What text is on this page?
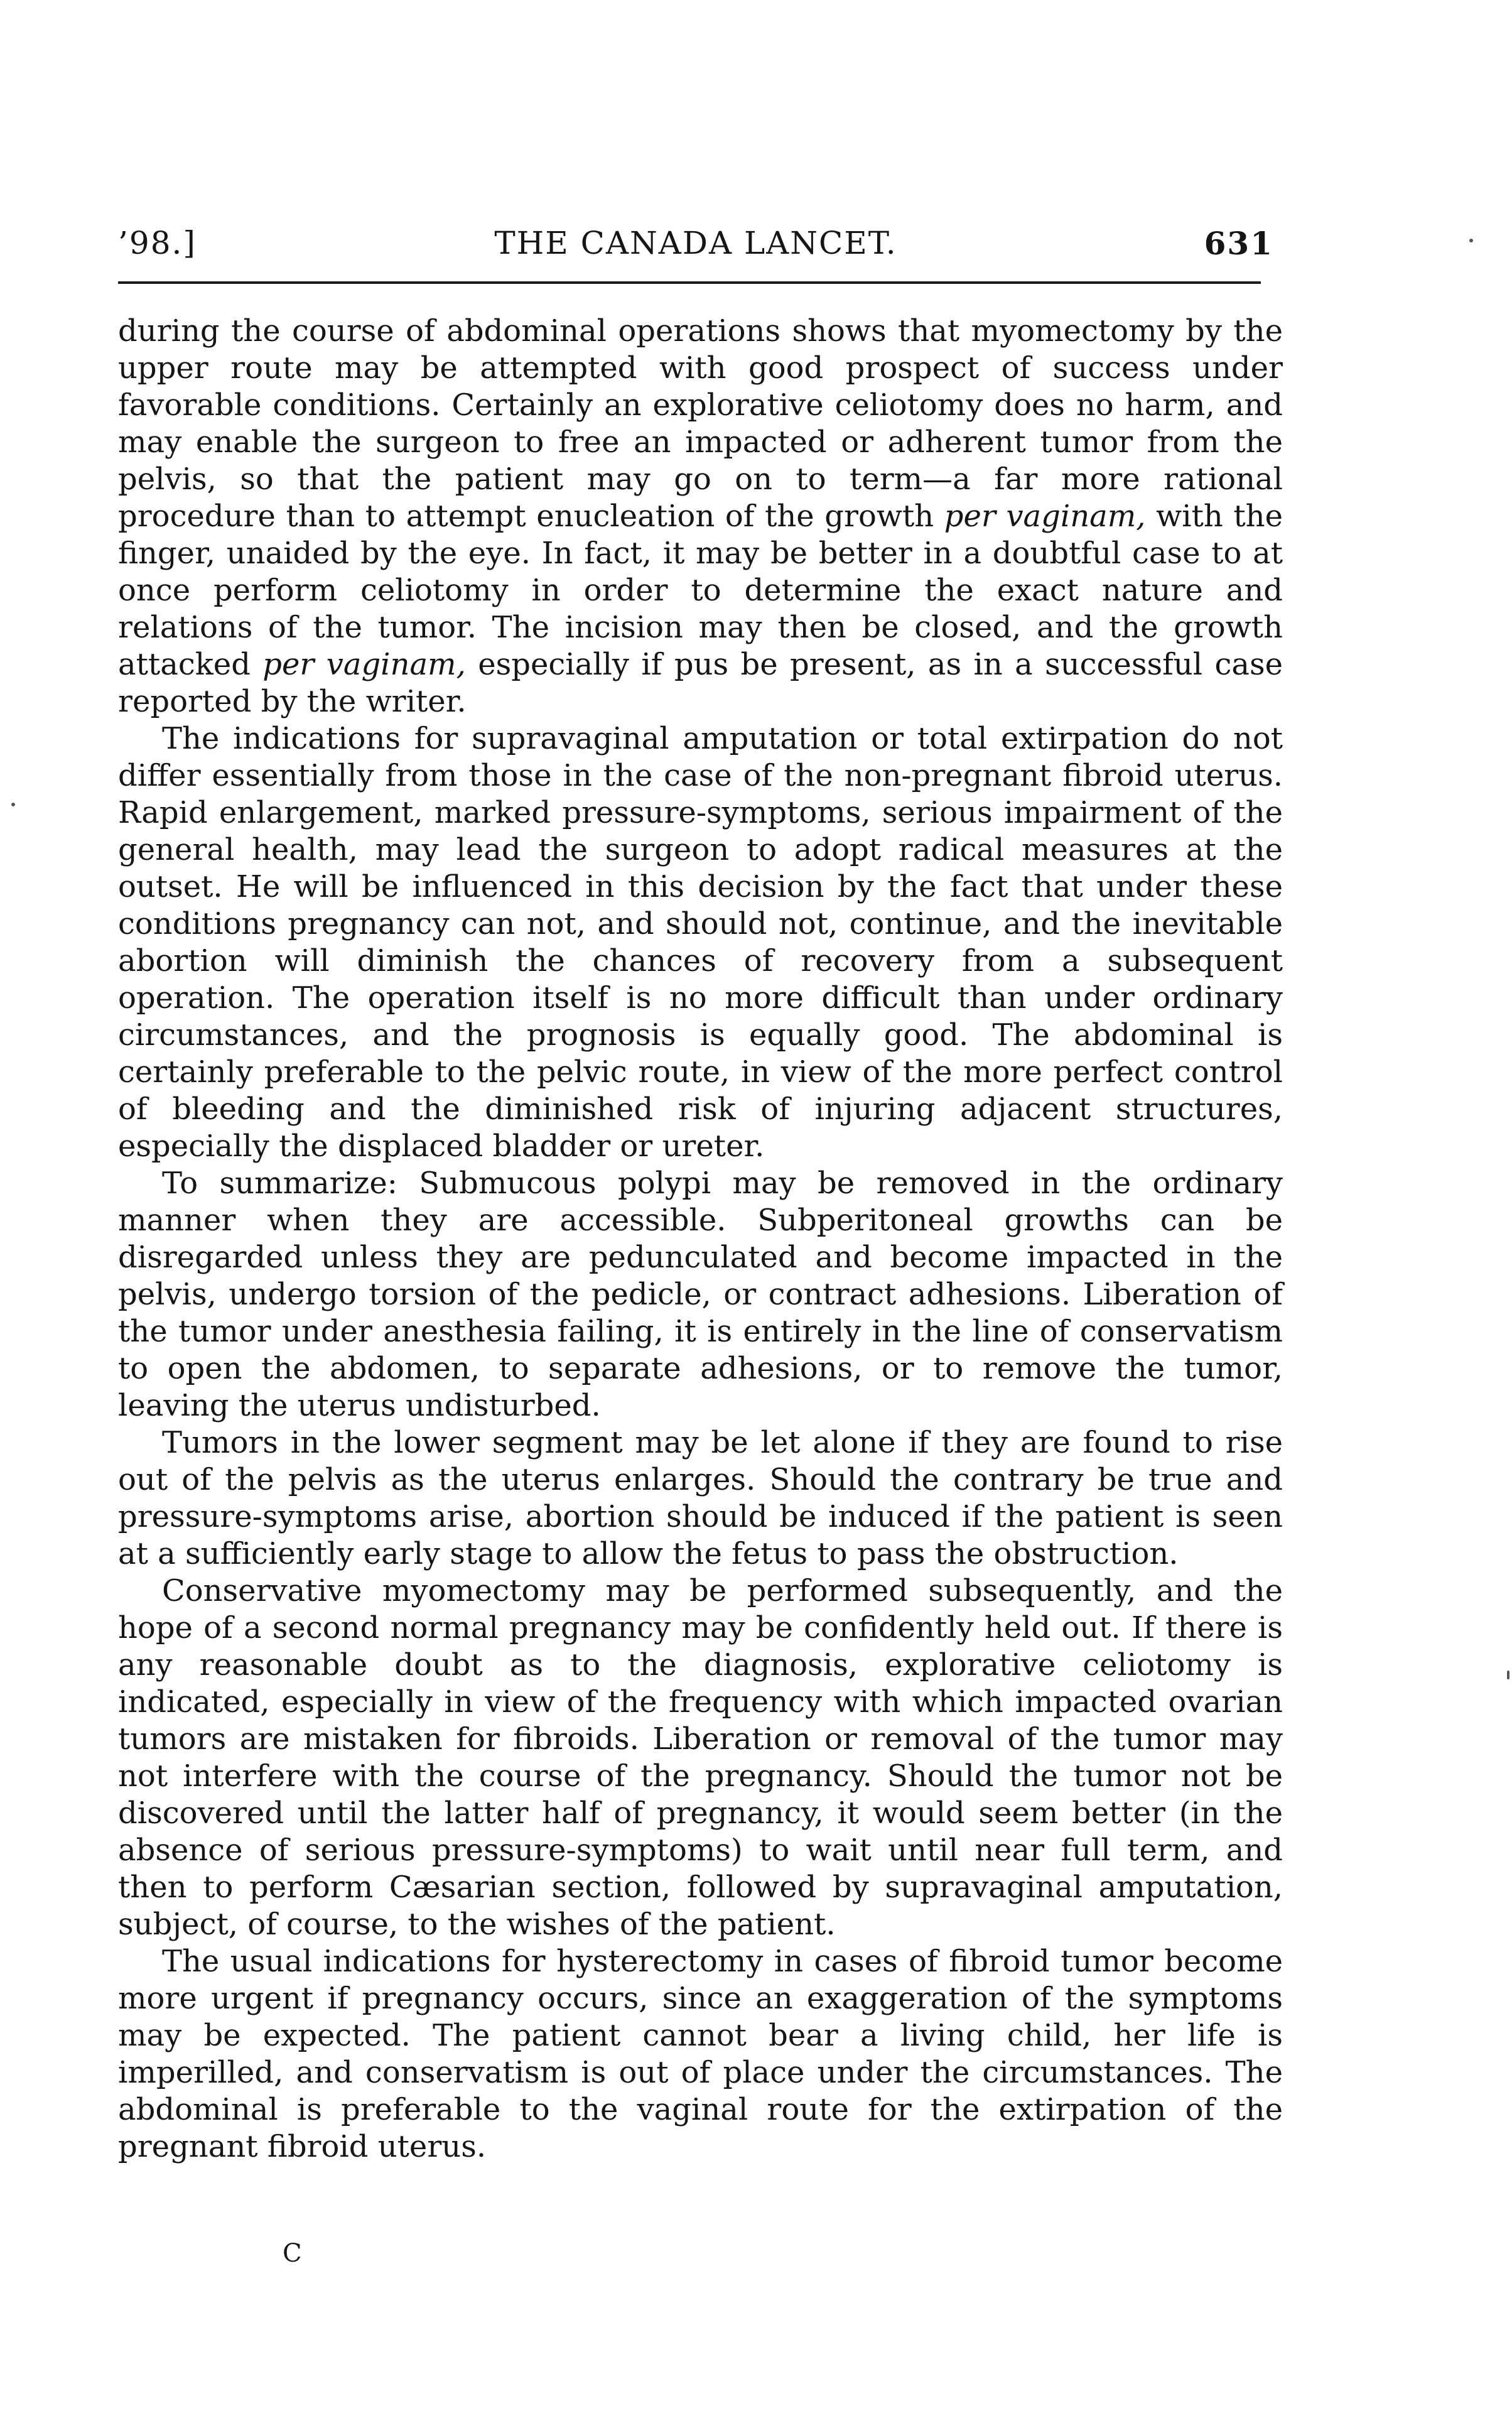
’98.]	THE CANADA LANCET.	631

during the course of abdominal operations shows that myomectomy by the upper route may be attempted with good prospect of success under favorable conditions. Certainly an explorative celiotomy does no harm, and may enable the surgeon to free an impacted or adherent tumor from the pelvis, so that the patient may go on to term—a far more rational procedure than to attempt enucleation of the growth per vaginam, with the finger, unaided by the eye. In fact, it may be better in a doubtful case to at once perform celiotomy in order to determine the exact nature and relations of the tumor. The incision may then be closed, and the growth attacked per vaginam, especially if pus be present, as in a successful case reported by the writer.

The indications for supravaginal amputation or total extirpation do not differ essentially from those in the case of the non-pregnant fibroid uterus. Rapid enlargement, marked pressure-symptoms, serious impairment of the general health, may lead the surgeon to adopt radical measures at the outset. He will be influenced in this decision by the fact that under these conditions pregnancy can not, and should not, continue, and the inevitable abortion will diminish the chances of recovery from a subsequent operation. The operation itself is no more difficult than under ordinary circumstances, and the prognosis is equally good. The abdominal is certainly preferable to the pelvic route, in view of the more perfect control of bleeding and the diminished risk of injuring adjacent structures, especially the displaced bladder or ureter.

To summarize: Submucous polypi may be removed in the ordinary manner when they are accessible. Subperitoneal growths can be disregarded unless they are pedunculated and become impacted in the pelvis, undergo torsion of the pedicle, or contract adhesions. Liberation of the tumor under anesthesia failing, it is entirely in the line of conservatism to open the abdomen, to separate adhesions, or to remove the tumor, leaving the uterus undisturbed.

Tumors in the lower segment may be let alone if they are found to rise out of the pelvis as the uterus enlarges. Should the contrary be true and pressure-symptoms arise, abortion should be induced if the patient is seen at a sufficiently early stage to allow the fetus to pass the obstruction.

Conservative myomectomy may be performed subsequently, and the hope of a second normal pregnancy may be confidently held out. If there is any reasonable doubt as to the diagnosis, explorative celiotomy is indicated, especially in view of the frequency with which impacted ovarian tumors are mistaken for fibroids. Liberation or removal of the tumor may not interfere with the course of the pregnancy. Should the tumor not be discovered until the latter half of pregnancy, it would seem better (in the absence of serious pressure-symptoms) to wait until near full term, and then to perform Cæsarian section, followed by supravaginal amputation, subject, of course, to the wishes of the patient.

The usual indications for hysterectomy in cases of fibroid tumor become more urgent if pregnancy occurs, since an exaggeration of the symptoms may be expected. The patient cannot bear a living child, her life is imperilled, and conservatism is out of place under the circumstances. The abdominal is preferable to the vaginal route for the extirpation of the pregnant fibroid uterus.

C
